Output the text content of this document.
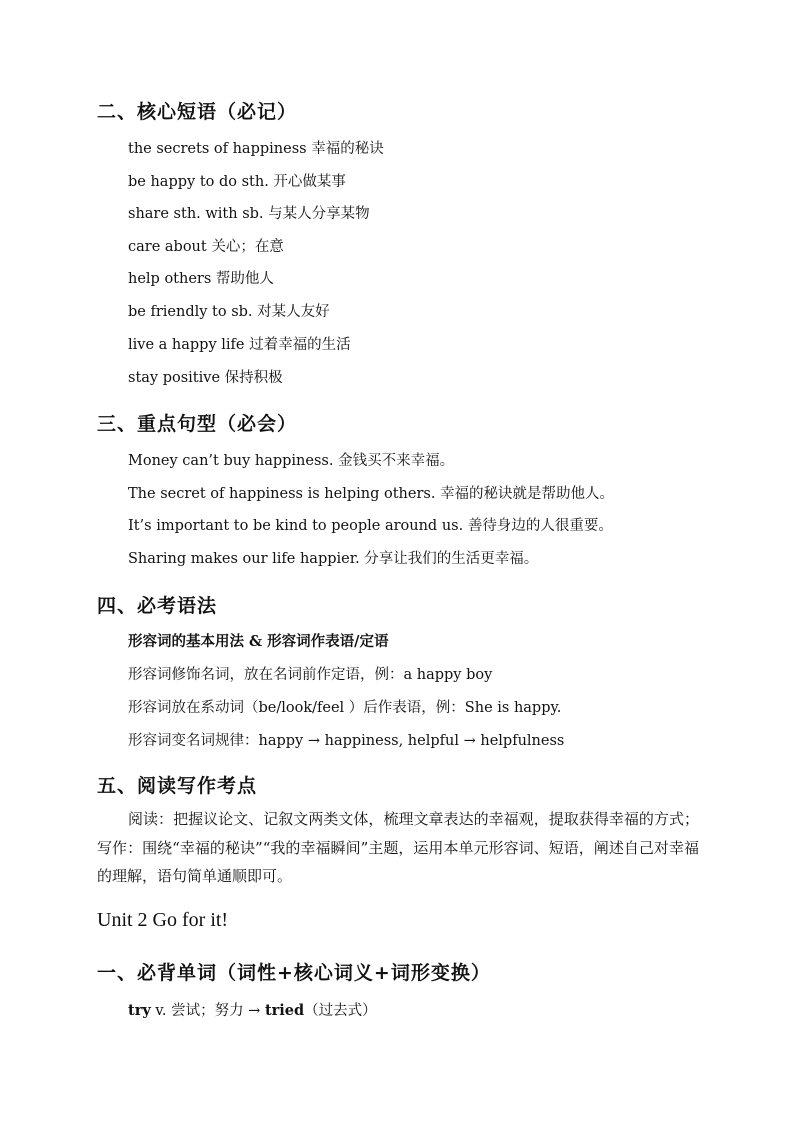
二、核心短语（必记）
the secrets of happiness 幸福的秘诀
be happy to do sth. 开心做某事
share sth. with sb. 与某人分享某物
care about 关心；在意
help others 帮助他人
be friendly to sb. 对某人友好
live a happy life 过着幸福的生活
stay positive 保持积极
三、重点句型（必会）
Money can’t buy happiness. 金钱买不来幸福。
The secret of happiness is helping others. 幸福的秘诀就是帮助他人。
It’s important to be kind to people around us. 善待身边的人很重要。
Sharing makes our life happier. 分享让我们的生活更幸福。
四、必考语法
形容词的基本用法 & 形容词作表语/定语
形容词修饰名词，放在名词前作定语，例：a happy boy
形容词放在系动词（be/look/feel ）后作表语，例：She is happy.
形容词变名词规律：happy → happiness, helpful → helpfulness
五、阅读写作考点
阅读：把握议论文、记叙文两类文体，梳理文章表达的幸福观，提取获得幸福的方式；写作：围绕“幸福的秘诀”“我的幸福瞬间”主题，运用本单元形容词、短语，阐述自己对幸福的理解，语句简单通顺即可。
Unit 2 Go for it!
一、必背单词（词性+核心词义+词形变换）
try v. 尝试；努力 → tried（过去式）
